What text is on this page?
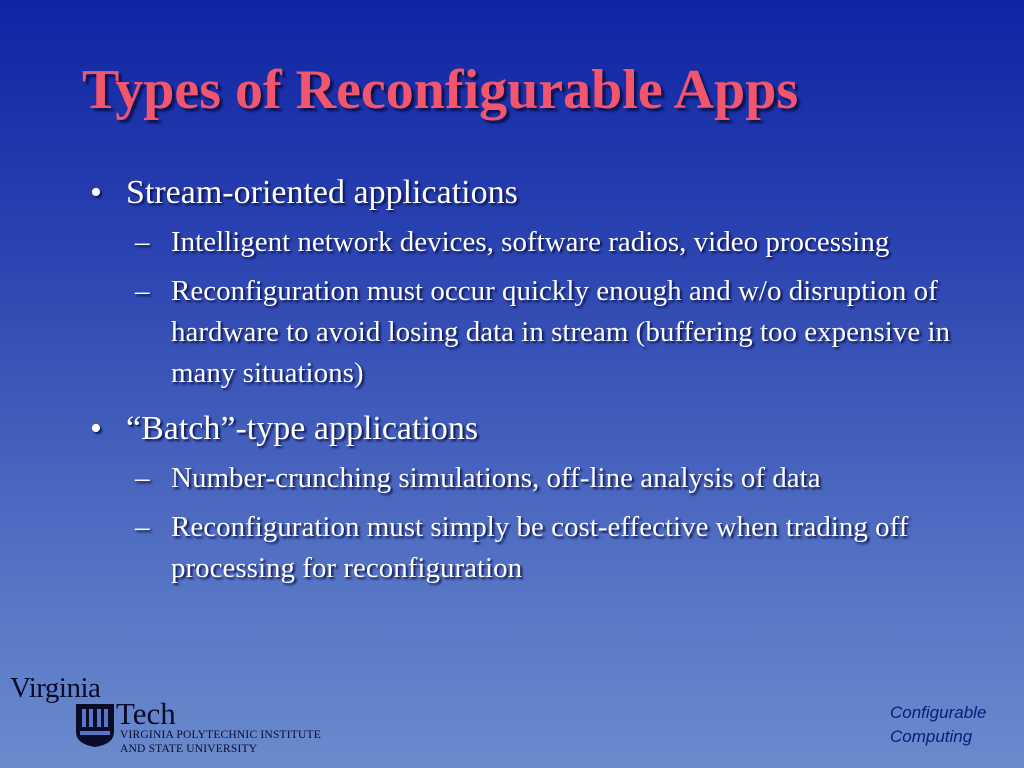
Types of Reconfigurable Apps
• Stream-oriented applications
– Intelligent network devices, software radios, video processing
– Reconfiguration must occur quickly enough and w/o disruption of hardware to avoid losing data in stream (buffering too expensive in many situations)
• “Batch”-type applications
– Number-crunching simulations, off-line analysis of data
– Reconfiguration must simply be cost-effective when trading off processing for reconfiguration
Virginia
Tech
VIRGINIA POLYTECHNIC INSTITUTE
AND STATE UNIVERSITY
Configurable
Computing
